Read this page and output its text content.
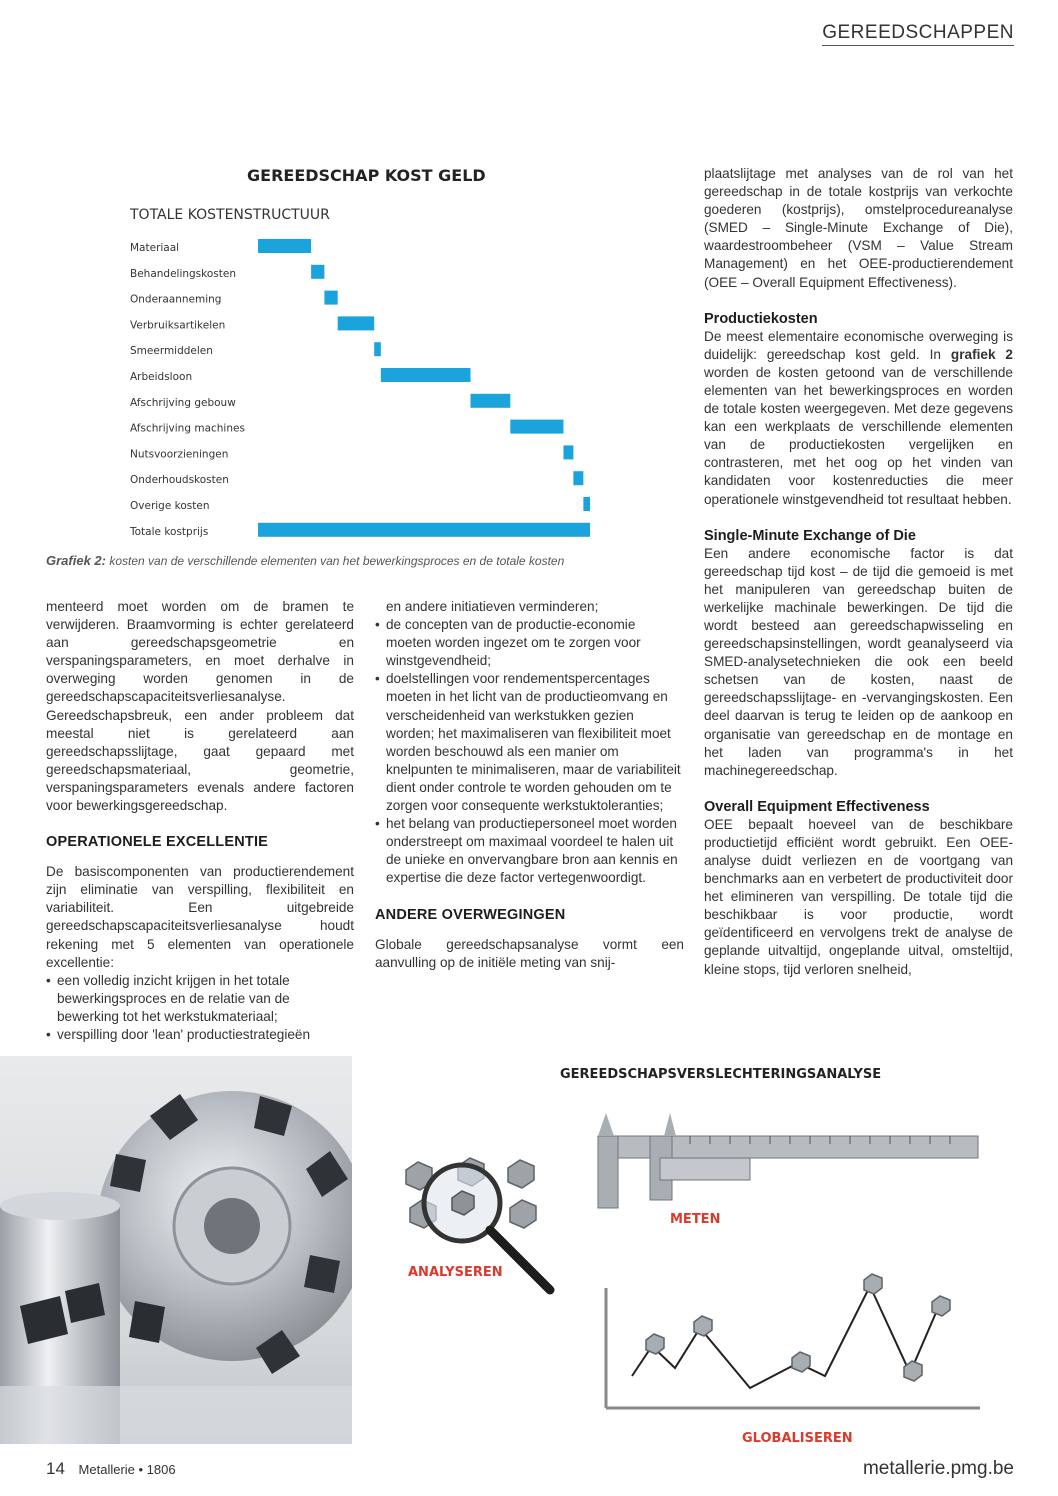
GEREEDSCHAPPEN
GEREEDSCHAP KOST GELD
TOTALE KOSTENSTRUCTUUR
Materiaal
Behandelingskosten
Onderaanneming
Verbruiksartikelen
Smeermiddelen
Arbeidsloon
Afschrijving gebouw
Afschrijving machines
Nutsvoorzieningen
Onderhoudskosten
Overige kosten
Totale kostprijs
Grafiek 2: kosten van de verschillende elementen van het bewerkingsproces en de totale kosten

menteerd moet worden om de bramen te verwijderen. Braamvorming is echter gerelateerd aan gereedschapsgeometrie en verspaningsparameters, en moet derhalve in overweging worden genomen in de gereedschapscapaciteitsverliesanalyse. Gereedschapsbreuk, een ander probleem dat meestal niet is gerelateerd aan gereedschapsslijtage, gaat gepaard met gereedschapsmateriaal, geometrie, verspaningsparameters evenals andere factoren voor bewerkingsgereedschap.

OPERATIONELE EXCELLENTIE

De basiscomponenten van productierendement zijn eliminatie van verspilling, flexibiliteit en variabiliteit. Een uitgebreide gereedschapscapaciteitsverliesanalyse houdt rekening met 5 elementen van operationele excellentie:

• een volledig inzicht krijgen in het totale bewerkingsproces en de relatie van de bewerking tot het werkstukmateriaal;
• verspilling door 'lean' productiestrategieën

en andere initiatieven verminderen;

• de concepten van de productie-economie moeten worden ingezet om te zorgen voor winstgevendheid;
• doelstellingen voor rendementspercentages moeten in het licht van de productieomvang en verscheidenheid van werkstukken gezien worden; het maximaliseren van flexibiliteit moet worden beschouwd als een manier om knelpunten te minimaliseren, maar de variabiliteit dient onder controle te worden gehouden om te zorgen voor consequente werkstuktoleranties;
• het belang van productiepersoneel moet worden onderstreept om maximaal voordeel te halen uit de unieke en onvervangbare bron aan kennis en expertise die deze factor vertegenwoordigt.
ANDERE OVERWEGINGEN

Globale gereedschapsanalyse vormt een aanvulling op de initiële meting van snij-

plaatslijtage met analyses van de rol van het gereedschap in de totale kostprijs van verkochte goederen (kostprijs), omstelprocedureanalyse (SMED – Single-Minute Exchange of Die), waardestroombeheer (VSM – Value Stream Management) en het OEE-productierendement (OEE – Overall Equipment Effectiveness).

Productiekosten

De meest elementaire economische overweging is duidelijk: gereedschap kost geld. In grafiek 2 worden de kosten getoond van de verschillende elementen van het bewerkingsproces en worden de totale kosten weergegeven. Met deze gegevens kan een werkplaats de verschillende elementen van de productiekosten vergelijken en contrasteren, met het oog op het vinden van kandidaten voor kostenreducties die meer operationele winstgevendheid tot resultaat hebben.

Single-Minute Exchange of Die

Een andere economische factor is dat gereedschap tijd kost – de tijd die gemoeid is met het manipuleren van gereedschap buiten de werkelijke machinale bewerkingen. De tijd die wordt besteed aan gereedschapwisseling en gereedschapsinstellingen, wordt geanalyseerd via SMED-analysetechnieken die ook een beeld schetsen van de kosten, naast de gereedschapsslijtage- en -vervangingskosten. Een deel daarvan is terug te leiden op de aankoop en organisatie van gereedschap en de montage en het laden van programma's in het machinegereedschap.

Overall Equipment Effectiveness

OEE bepaalt hoeveel van de beschikbare productietijd efficiënt wordt gebruikt. Een OEE-analyse duidt verliezen en de voortgang van benchmarks aan en verbetert de productiviteit door het elimineren van verspilling. De totale tijd die beschikbaar is voor productie, wordt geïdentificeerd en vervolgens trekt de analyse de geplande uitvaltijd, ongeplande uitval, omsteltijd, kleine stops, tijd verloren snelheid,

GEREEDSCHAPSVERSLECHTERINGSANALYSE
METEN
ANALYSEREN
GLOBALISEREN
14 Metallerie • 1806	metallerie.pmg.be
